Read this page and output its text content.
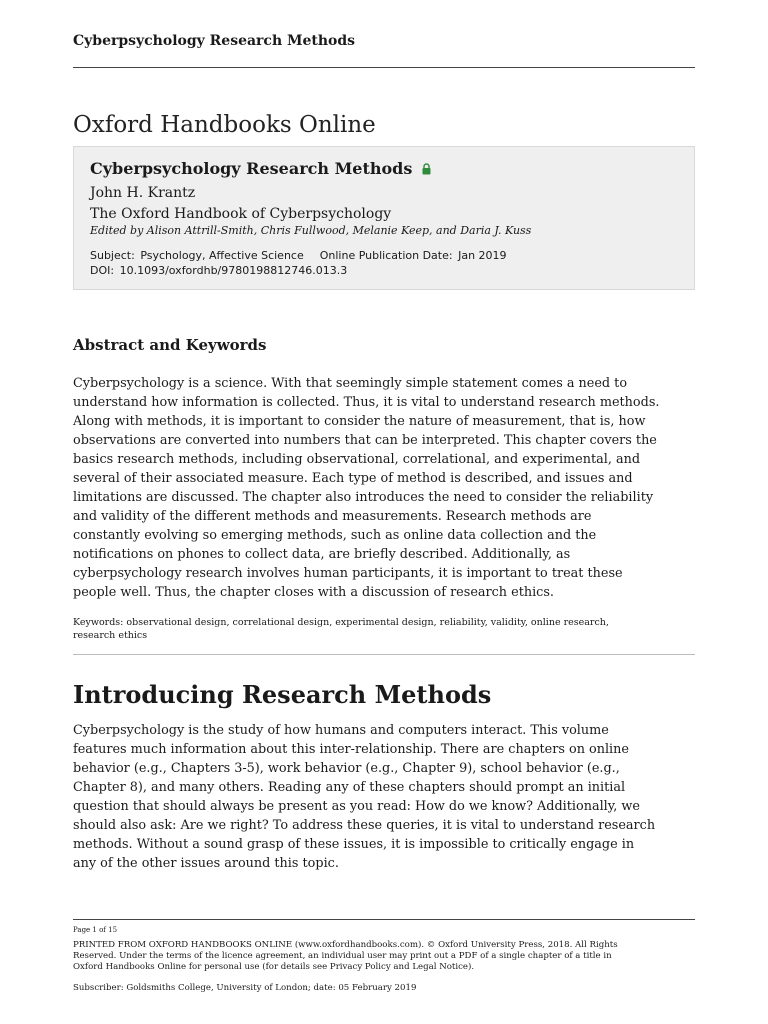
Cyberpsychology Research Methods
Oxford Handbooks Online
Cyberpsychology Research Methods
John H. Krantz
The Oxford Handbook of Cyberpsychology
Edited by Alison Attrill-Smith, Chris Fullwood, Melanie Keep, and Daria J. Kuss
Subject: Psychology, Affective Science Online Publication Date: Jan 2019
DOI: 10.1093/oxfordhb/9780198812746.013.3
Abstract and Keywords
Cyberpsychology is a science. With that seemingly simple statement comes a need to
understand how information is collected. Thus, it is vital to understand research methods.
Along with methods, it is important to consider the nature of measurement, that is, how
observations are converted into numbers that can be interpreted. This chapter covers the
basics research methods, including observational, correlational, and experimental, and
several of their associated measure. Each type of method is described, and issues and
limitations are discussed. The chapter also introduces the need to consider the reliability
and validity of the different methods and measurements. Research methods are
constantly evolving so emerging methods, such as online data collection and the
notifications on phones to collect data, are briefly described. Additionally, as
cyberpsychology research involves human participants, it is important to treat these
people well. Thus, the chapter closes with a discussion of research ethics.
Keywords: observational design, correlational design, experimental design, reliability, validity, online research,
research ethics
Introducing Research Methods
Cyberpsychology is the study of how humans and computers interact. This volume
features much information about this inter-relationship. There are chapters on online
behavior (e.g., Chapters 3-5), work behavior (e.g., Chapter 9), school behavior (e.g.,
Chapter 8), and many others. Reading any of these chapters should prompt an initial
question that should always be present as you read: How do we know? Additionally, we
should also ask: Are we right? To address these queries, it is vital to understand research
methods. Without a sound grasp of these issues, it is impossible to critically engage in
any of the other issues around this topic.
Page 1 of 15
PRINTED FROM OXFORD HANDBOOKS ONLINE (www.oxfordhandbooks.com). © Oxford University Press, 2018. All Rights
Reserved. Under the terms of the licence agreement, an individual user may print out a PDF of a single chapter of a title in
Oxford Handbooks Online for personal use (for details see Privacy Policy and Legal Notice).
Subscriber: Goldsmiths College, University of London; date: 05 February 2019
